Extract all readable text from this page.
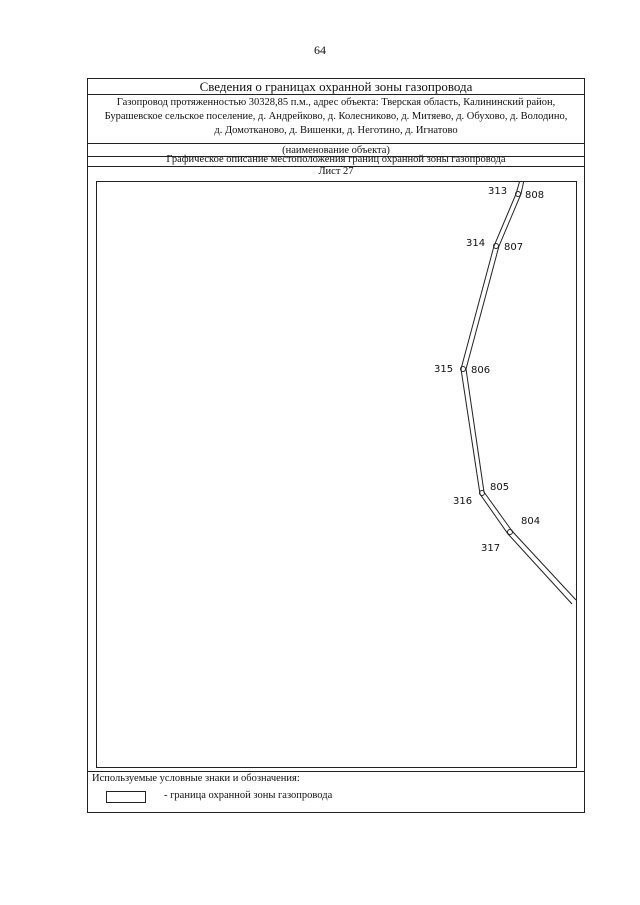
64
Сведения о границах охранной зоны газопровода
Газопровод протяженностью 30328,85 п.м., адрес объекта: Тверская область, Калининский район,
Бурашевское сельское поселение, д. Андрейково, д. Колесниково, д. Митяево, д. Обухово, д. Володино,
д. Домотканово, д. Вишенки, д. Неготино, д. Игнатово
(наименование объекта)
Графическое описание местоположения границ охранной зоны газопровода
Лист 27
313 808
314 807
315 806
316
805
317
804
Используемые условные знаки и обозначения:
- граница охранной зоны газопровода
